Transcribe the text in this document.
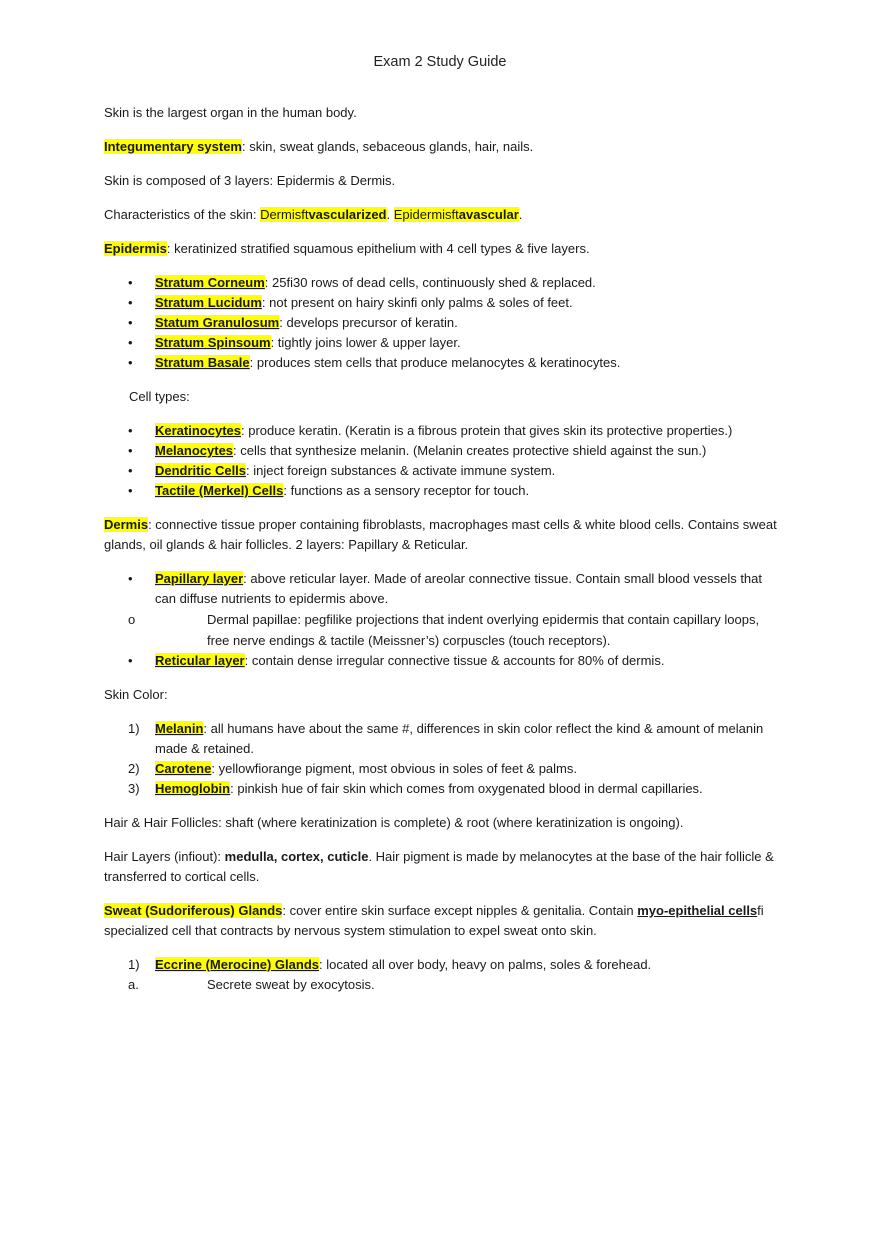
Exam 2 Study Guide

Skin is the largest organ in the human body.

Integumentary system: skin, sweat glands, sebaceous glands, hair, nails.

Skin is composed of 3 layers: Epidermis & Dermis.

Characteristics of the skin: Dermisftvascularized. Epidermisftavascular.

Epidermis: keratinized stratified squamous epithelium with 4 cell types & five layers.

• Stratum Corneum: 25fi30 rows of dead cells, continuously shed & replaced.
• Stratum Lucidum: not present on hairy skinfi only palms & soles of feet.
• Statum Granulosum: develops precursor of keratin.
• Stratum Spinsoum: tightly joins lower & upper layer.
• Stratum Basale: produces stem cells that produce melanocytes & keratinocytes.

Cell types:

• Keratinocytes: produce keratin. (Keratin is a fibrous protein that gives skin its protective properties.)
• Melanocytes: cells that synthesize melanin. (Melanin creates protective shield against the sun.)
• Dendritic Cells: inject foreign substances & activate immune system.
• Tactile (Merkel) Cells: functions as a sensory receptor for touch.

Dermis: connective tissue proper containing fibroblasts, macrophages mast cells & white blood cells. Contains sweat glands, oil glands & hair follicles. 2 layers: Papillary & Reticular.

• Papillary layer: above reticular layer. Made of areolar connective tissue. Contain small blood vessels that can diffuse nutrients to epidermis above.
o	Dermal papillae: pegfilike projections that indent overlying epidermis that contain capillary loops, free nerve endings & tactile (Meissner’s) corpuscles (touch receptors).
• Reticular layer: contain dense irregular connective tissue & accounts for 80% of dermis.

Skin Color:

1) Melanin: all humans have about the same #, differences in skin color reflect the kind & amount of melanin made & retained.
2) Carotene: yellowfiorange pigment, most obvious in soles of feet & palms.
3) Hemoglobin: pinkish hue of fair skin which comes from oxygenated blood in dermal capillaries.

Hair & Hair Follicles: shaft (where keratinization is complete) & root (where keratinization is ongoing).

Hair Layers (infiout): medulla, cortex, cuticle. Hair pigment is made by melanocytes at the base of the hair follicle & transferred to cortical cells.

Sweat (Sudoriferous) Glands: cover entire skin surface except nipples & genitalia. Contain myo-epithelial cellsfi specialized cell that contracts by nervous system stimulation to expel sweat onto skin.

1) Eccrine (Merocine) Glands: located all over body, heavy on palms, soles & forehead.
a.	Secrete sweat by exocytosis.
